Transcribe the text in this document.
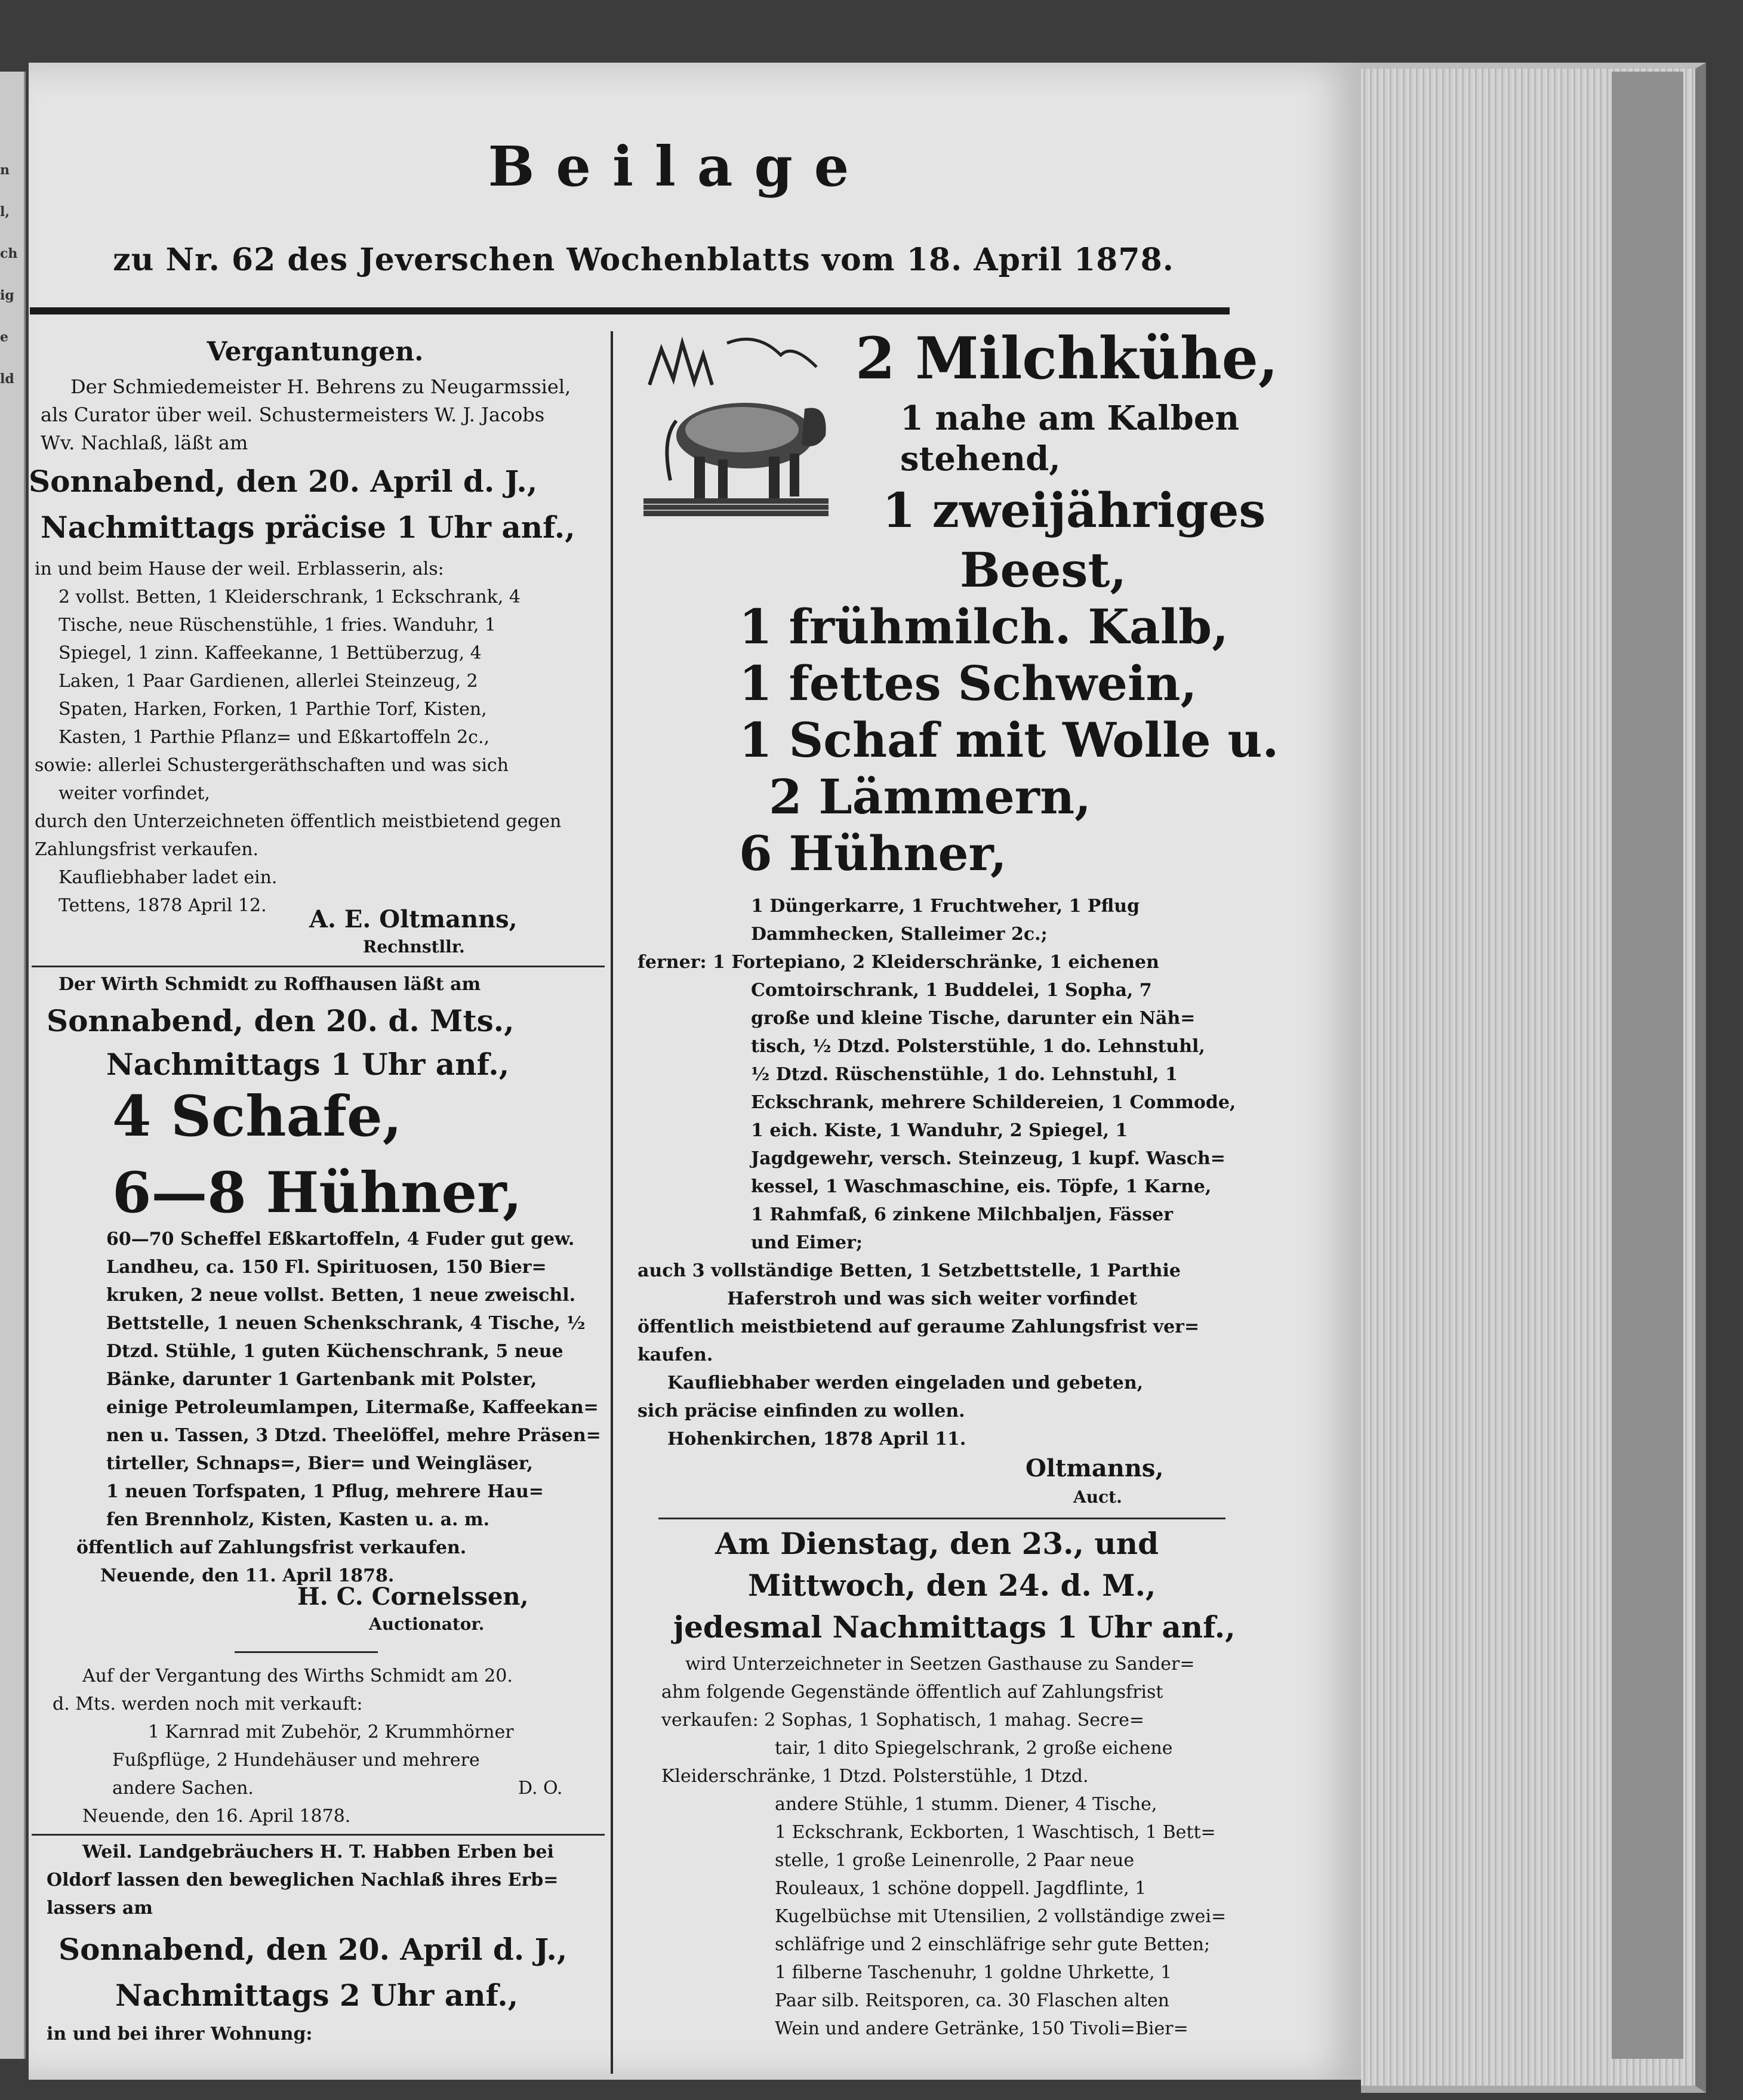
n
l,
ch
ig
e
ld
Beilage
zu Nr. 62 des Jeverschen Wochenblatts vom 18. April 1878.
Vergantungen.
Der Schmiedemeister H. Behrens zu Neugarmssiel,
als Curator über weil. Schustermeisters W. J. Jacobs
Wv. Nachlaß, läßt am
Sonnabend, den 20. April d. J.,
Nachmittags präcise 1 Uhr anf.,
in und beim Hause der weil. Erblasserin, als:
2 vollst. Betten, 1 Kleiderschrank, 1 Eckschrank, 4
Tische, neue Rüschenstühle, 1 fries. Wanduhr, 1
Spiegel, 1 zinn. Kaffeekanne, 1 Bettüberzug, 4
Laken, 1 Paar Gardienen, allerlei Steinzeug, 2
Spaten, Harken, Forken, 1 Parthie Torf, Kisten,
Kasten, 1 Parthie Pflanz= und Eßkartoffeln 2c.,
sowie: allerlei Schustergeräthschaften und was sich
weiter vorfindet,
durch den Unterzeichneten öffentlich meistbietend gegen
Zahlungsfrist verkaufen.
Kaufliebhaber ladet ein.
Tettens, 1878 April 12.	A. E. Oltmanns,
Rechnstllr.
Der Wirth Schmidt zu Roffhausen läßt am
Sonnabend, den 20. d. Mts.,
Nachmittags 1 Uhr anf.,
4 Schafe,
6—8 Hühner,
60—70 Scheffel Eßkartoffeln, 4 Fuder gut gew.
Landheu, ca. 150 Fl. Spirituosen, 150 Bier=
kruken, 2 neue vollst. Betten, 1 neue zweischl.
Bettstelle, 1 neuen Schenkschrank, 4 Tische, ½
Dtzd. Stühle, 1 guten Küchenschrank, 5 neue
Bänke, darunter 1 Gartenbank mit Polster,
einige Petroleumlampen, Litermaße, Kaffeekan=
nen u. Tassen, 3 Dtzd. Theelöffel, mehre Präsen=
tirteller, Schnaps=, Bier= und Weingläser,
1 neuen Torfspaten, 1 Pflug, mehrere Hau=
fen Brennholz, Kisten, Kasten u. a. m.
öffentlich auf Zahlungsfrist verkaufen.
Neuende, den 11. April 1878.
H. C. Cornelssen,
Auctionator.
Auf der Vergantung des Wirths Schmidt am 20.
d. Mts. werden noch mit verkauft:
1 Karnrad mit Zubehör, 2 Krummhörner
Fußpflüge, 2 Hundehäuser und mehrere
andere Sachen.	D. O.
Neuende, den 16. April 1878.
Weil. Landgebräuchers H. T. Habben Erben bei
Oldorf lassen den beweglichen Nachlaß ihres Erb=
lassers am
Sonnabend, den 20. April d. J.,
Nachmittags 2 Uhr anf.,
in und bei ihrer Wohnung:
2 Milchkühe,
1 nahe am Kalben
stehend,
1 zweijähriges
Beest,
1 frühmilch. Kalb,
1 fettes Schwein,
1 Schaf mit Wolle u.
2 Lämmern,
6 Hühner,
1 Düngerkarre, 1 Fruchtweher, 1 Pflug
Dammhecken, Stalleimer 2c.;
ferner: 1 Fortepiano, 2 Kleiderschränke, 1 eichenen
Comtoirschrank, 1 Buddelei, 1 Sopha, 7
große und kleine Tische, darunter ein Näh=
tisch, ½ Dtzd. Polsterstühle, 1 do. Lehnstuhl,
½ Dtzd. Rüschenstühle, 1 do. Lehnstuhl, 1
Eckschrank, mehrere Schildereien, 1 Commode,
1 eich. Kiste, 1 Wanduhr, 2 Spiegel, 1
Jagdgewehr, versch. Steinzeug, 1 kupf. Wasch=
kessel, 1 Waschmaschine, eis. Töpfe, 1 Karne,
1 Rahmfaß, 6 zinkene Milchbaljen, Fässer
und Eimer;
auch 3 vollständige Betten, 1 Setzbettstelle, 1 Parthie
Haferstroh und was sich weiter vorfindet
öffentlich meistbietend auf geraume Zahlungsfrist ver=
kaufen.
Kaufliebhaber werden eingeladen und gebeten,
sich präcise einfinden zu wollen.
Hohenkirchen, 1878 April 11.
Oltmanns,
Auct.
Am Dienstag, den 23., und
Mittwoch, den 24. d. M.,
jedesmal Nachmittags 1 Uhr anf.,
wird Unterzeichneter in Seetzen Gasthause zu Sander=
ahm folgende Gegenstände öffentlich auf Zahlungsfrist
verkaufen: 2 Sophas, 1 Sophatisch, 1 mahag. Secre=
tair, 1 dito Spiegelschrank, 2 große eichene
Kleiderschränke, 1 Dtzd. Polsterstühle, 1 Dtzd.
andere Stühle, 1 stumm. Diener, 4 Tische,
1 Eckschrank, Eckborten, 1 Waschtisch, 1 Bett=
stelle, 1 große Leinenrolle, 2 Paar neue
Rouleaux, 1 schöne doppell. Jagdflinte, 1
Kugelbüchse mit Utensilien, 2 vollständige zwei=
schläfrige und 2 einschläfrige sehr gute Betten;
1 filberne Taschenuhr, 1 goldne Uhrkette, 1
Paar silb. Reitsporen, ca. 30 Flaschen alten
Wein und andere Getränke, 150 Tivoli=Bier=
